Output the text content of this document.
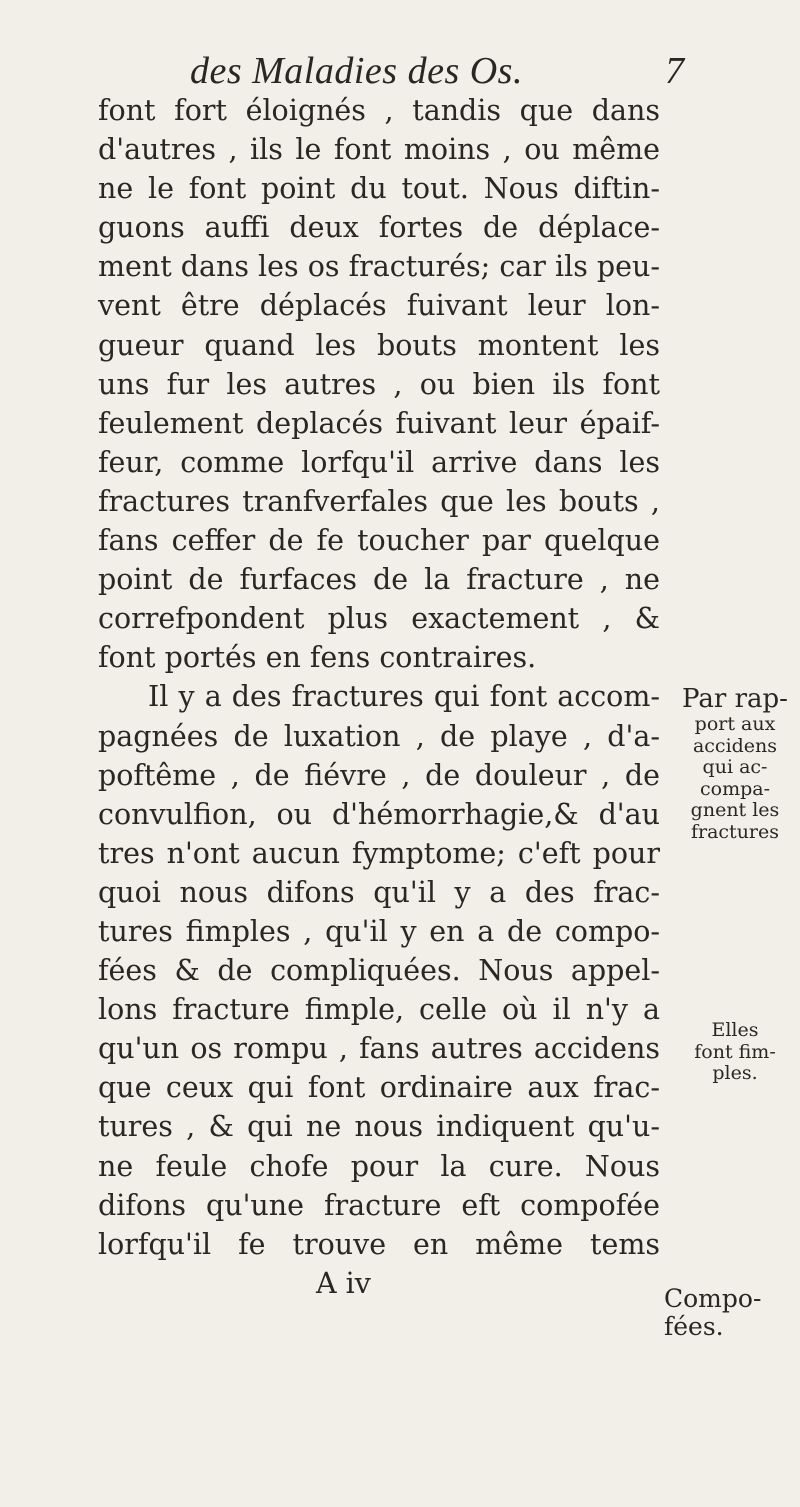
des Maladies des Os.	7
font fort éloignés , tandis que dans
d'autres , ils le font moins , ou même
ne le font point du tout. Nous diftin-
guons auffi deux fortes de déplace-
ment dans les os fracturés; car ils peu-
vent être déplacés fuivant leur lon-
gueur quand les bouts montent les
uns fur les autres , ou bien ils font
feulement deplacés fuivant leur épaif-
feur, comme lorfqu'il arrive dans les
fractures tranfverfales que les bouts ,
fans ceffer de fe toucher par quelque
point de furfaces de la fracture , ne
correfpondent plus exactement , &
font portés en fens contraires.
Il y a des fractures qui font accom-
pagnées de luxation , de playe , d'a-
poftême , de fiévre , de douleur , de
convulfion, ou d'hémorrhagie,& d'au
tres n'ont aucun fymptome; c'eft pour
quoi nous difons qu'il y a des frac-
tures fimples , qu'il y en a de compo-
fées & de compliquées. Nous appel-
lons fracture fimple, celle où il n'y a
qu'un os rompu , fans autres accidens
que ceux qui font ordinaire aux frac-
tures , & qui ne nous indiquent qu'u-
ne feule chofe pour la cure. Nous
difons qu'une fracture eft compofée
lorfqu'il fe trouve en même tems
A iv
Par rap-
port aux
accidens
qui ac-
compa-
gnent les
fractures
Elles
font fim-
ples.
Compo-
fées.
